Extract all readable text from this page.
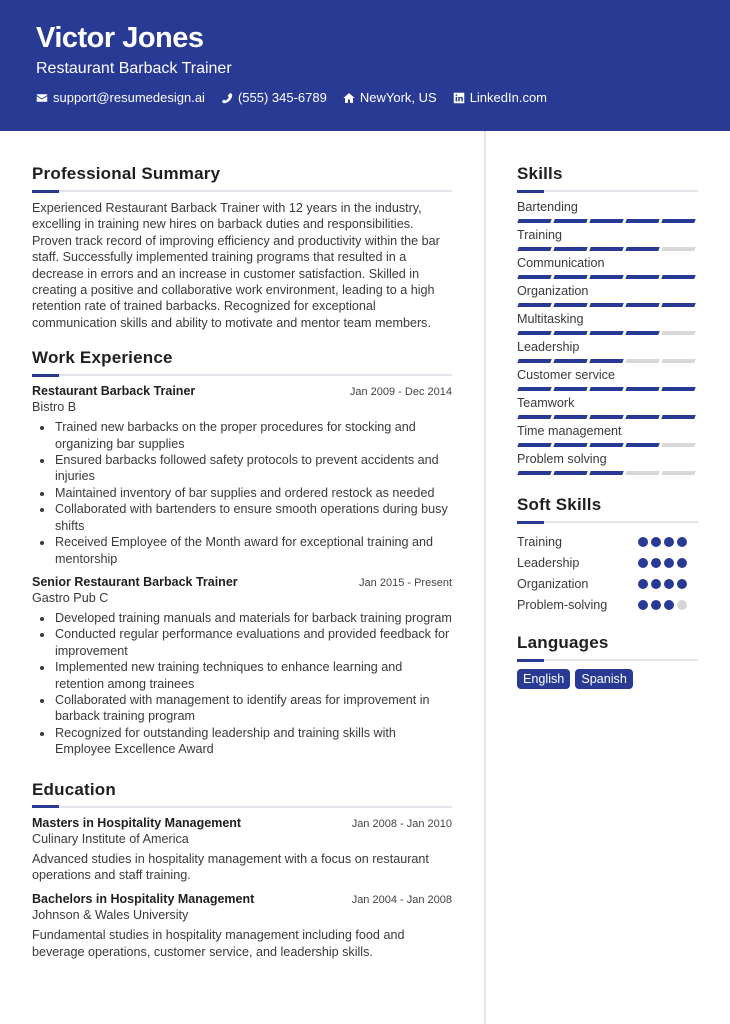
Victor Jones
Restaurant Barback Trainer
support@resumedesign.ai	(555) 345-6789	NewYork, US	LinkedIn.com
Professional Summary

Experienced Restaurant Barback Trainer with 12 years in the industry, excelling in training new hires on barback duties and responsibilities. Proven track record of improving efficiency and productivity within the bar staff. Successfully implemented training programs that resulted in a decrease in errors and an increase in customer satisfaction. Skilled in creating a positive and collaborative work environment, leading to a high retention rate of trained barbacks. Recognized for exceptional communication skills and ability to motivate and mentor team members.

Work Experience
Restaurant Barback Trainer	Jan 2009 - Dec 2014
Bistro B
• Trained new barbacks on the proper procedures for stocking and organizing bar supplies
• Ensured barbacks followed safety protocols to prevent accidents and injuries
• Maintained inventory of bar supplies and ordered restock as needed
• Collaborated with bartenders to ensure smooth operations during busy shifts
• Received Employee of the Month award for exceptional training and mentorship
Senior Restaurant Barback Trainer	Jan 2015 - Present
Gastro Pub C
• Developed training manuals and materials for barback training program
• Conducted regular performance evaluations and provided feedback for improvement
• Implemented new training techniques to enhance learning and retention among trainees
• Collaborated with management to identify areas for improvement in barback training program
• Recognized for outstanding leadership and training skills with Employee Excellence Award
Education
Masters in Hospitality Management	Jan 2008 - Jan 2010
Culinary Institute of America

Advanced studies in hospitality management with a focus on restaurant operations and staff training.

Bachelors in Hospitality Management	Jan 2004 - Jan 2008
Johnson & Wales University

Fundamental studies in hospitality management including food and beverage operations, customer service, and leadership skills.

Skills
Bartending
Training
Communication
Organization
Multitasking
Leadership
Customer service
Teamwork
Time management
Problem solving
Soft Skills
Training
Leadership
Organization
Problem-solving
Languages
English	Spanish
